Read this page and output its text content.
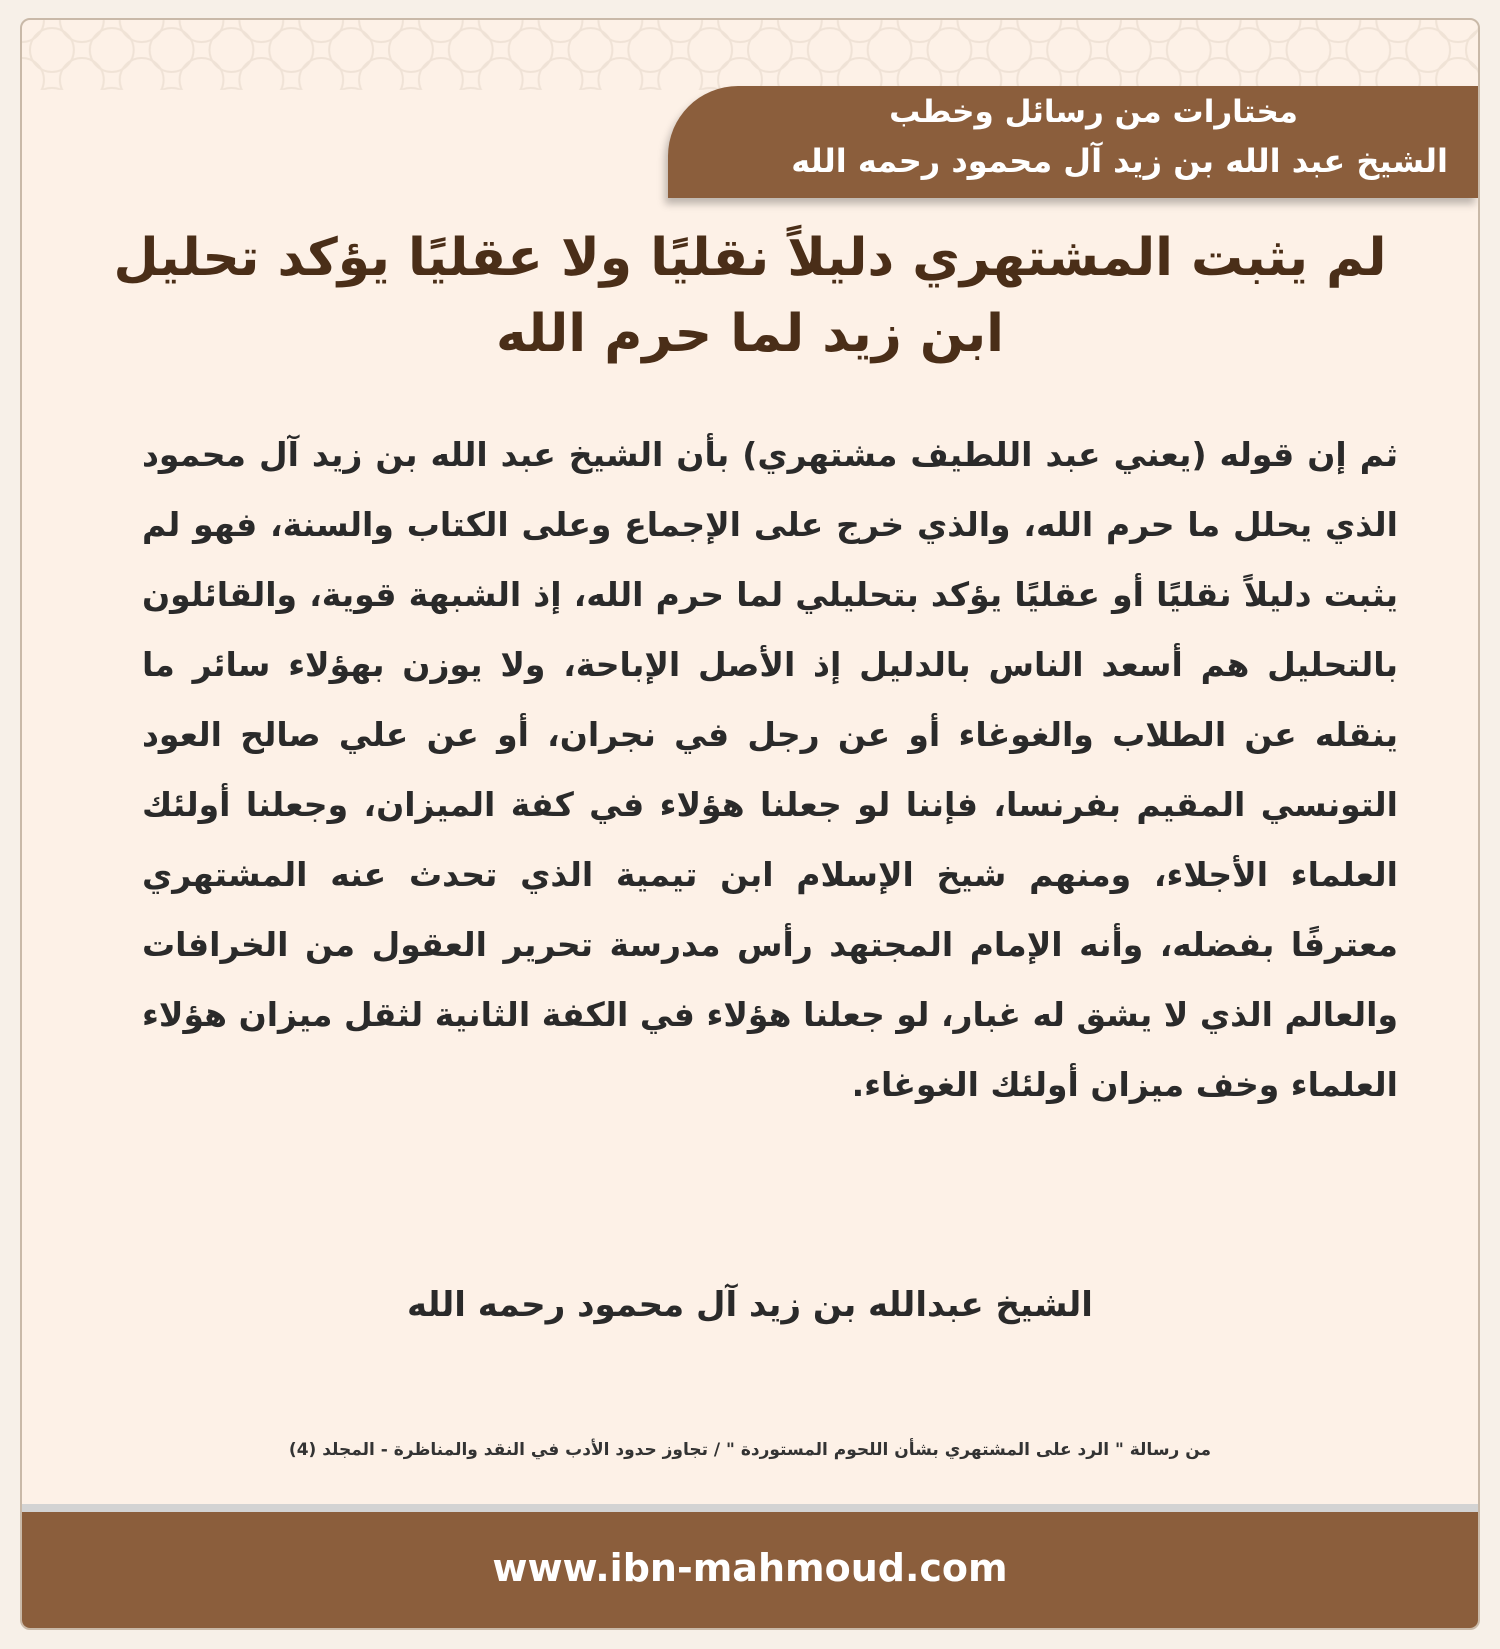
مختارات من رسائل وخطب
الشيخ عبد الله بن زيد آل محمود رحمه الله
لم يثبت المشتهري دليلاً نقليًا ولا عقليًا يؤكد تحليل ابن زيد لما حرم الله
ثم إن قوله (يعني عبد اللطيف مشتهري) بأن الشيخ عبد الله بن زيد آل محمود الذي يحلل ما حرم الله، والذي خرج على الإجماع وعلى الكتاب والسنة، فهو لم يثبت دليلاً نقليًا أو عقليًا يؤكد بتحليلي لما حرم الله، إذ الشبهة قوية، والقائلون بالتحليل هم أسعد الناس بالدليل إذ الأصل الإباحة، ولا يوزن بهؤلاء سائر ما ينقله عن الطلاب والغوغاء أو عن رجل في نجران، أو عن علي صالح العود التونسي المقيم بفرنسا، فإننا لو جعلنا هؤلاء في كفة الميزان، وجعلنا أولئك العلماء الأجلاء، ومنهم شيخ الإسلام ابن تيمية الذي تحدث عنه المشتهري معترفًا بفضله، وأنه الإمام المجتهد رأس مدرسة تحرير العقول من الخرافات والعالم الذي لا يشق له غبار، لو جعلنا هؤلاء في الكفة الثانية لثقل ميزان هؤلاء العلماء وخف ميزان أولئك الغوغاء.
الشيخ عبدالله بن زيد آل محمود رحمه الله
من رسالة " الرد على المشتهري بشأن اللحوم المستوردة " / تجاوز حدود الأدب في النقد والمناظرة - المجلد (4)
www.ibn-mahmoud.com
